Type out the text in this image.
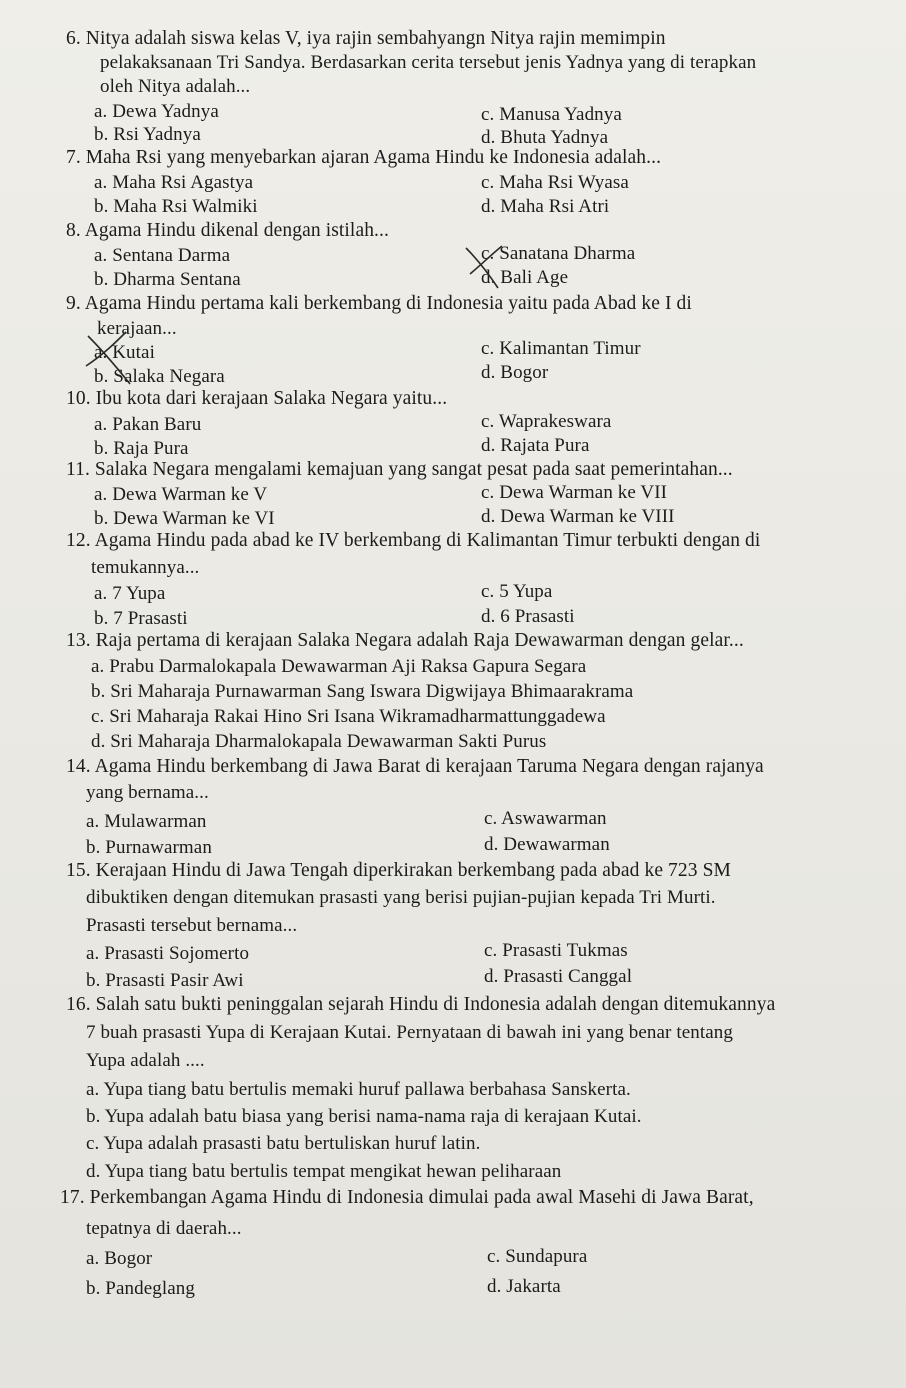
6. Nitya adalah siswa kelas V, iya rajin sembahyangn Nitya rajin memimpin
pelakaksanaan Tri Sandya. Berdasarkan cerita tersebut jenis Yadnya yang di terapkan
oleh Nitya adalah...
a. Dewa Yadnya
b. Rsi Yadnya
c. Manusa Yadnya
d. Bhuta Yadnya
7. Maha Rsi yang menyebarkan ajaran Agama Hindu ke Indonesia adalah...
a. Maha Rsi Agastya
b. Maha Rsi Walmiki
c. Maha Rsi Wyasa
d. Maha Rsi Atri
8. Agama Hindu dikenal dengan istilah...
a. Sentana Darma
b. Dharma Sentana
c. Sanatana Dharma
d. Bali Age
9. Agama Hindu pertama kali berkembang di Indonesia yaitu pada Abad ke I di
kerajaan...
a. Kutai
b. Salaka Negara
c. Kalimantan Timur
d. Bogor
10. Ibu kota dari kerajaan Salaka Negara yaitu...
a. Pakan Baru
b. Raja Pura
c. Waprakeswara
d. Rajata Pura
11. Salaka Negara mengalami kemajuan yang sangat pesat pada saat pemerintahan...
a. Dewa Warman ke V
b. Dewa Warman ke VI
c. Dewa Warman ke VII
d. Dewa Warman ke VIII
12. Agama Hindu pada abad ke IV berkembang di Kalimantan Timur terbukti dengan di
temukannya...
a. 7 Yupa
b. 7 Prasasti
c. 5 Yupa
d. 6 Prasasti
13. Raja pertama di kerajaan Salaka Negara adalah Raja Dewawarman dengan gelar...
a. Prabu Darmalokapala Dewawarman Aji Raksa Gapura Segara
b. Sri Maharaja Purnawarman Sang Iswara Digwijaya Bhimaarakrama
c. Sri Maharaja Rakai Hino Sri Isana Wikramadharmattunggadewa
d. Sri Maharaja Dharmalokapala Dewawarman Sakti Purus
14. Agama Hindu berkembang di Jawa Barat di kerajaan Taruma Negara dengan rajanya
yang bernama...
a. Mulawarman
b. Purnawarman
c. Aswawarman
d. Dewawarman
15. Kerajaan Hindu di Jawa Tengah diperkirakan berkembang pada abad ke 723 SM
dibuktiken dengan ditemukan prasasti yang berisi pujian-pujian kepada Tri Murti.
Prasasti tersebut bernama...
a. Prasasti Sojomerto
b. Prasasti Pasir Awi
c. Prasasti Tukmas
d. Prasasti Canggal
16. Salah satu bukti peninggalan sejarah Hindu di Indonesia adalah dengan ditemukannya
7 buah prasasti Yupa di Kerajaan Kutai. Pernyataan di bawah ini yang benar tentang
Yupa adalah ....
a. Yupa tiang batu bertulis memaki huruf pallawa berbahasa Sanskerta.
b. Yupa adalah batu biasa yang berisi nama-nama raja di kerajaan Kutai.
c. Yupa adalah prasasti batu bertuliskan huruf latin.
d. Yupa tiang batu bertulis tempat mengikat hewan peliharaan
17. Perkembangan Agama Hindu di Indonesia dimulai pada awal Masehi di Jawa Barat,
tepatnya di daerah...
a. Bogor
b. Pandeglang
c. Sundapura
d. Jakarta
